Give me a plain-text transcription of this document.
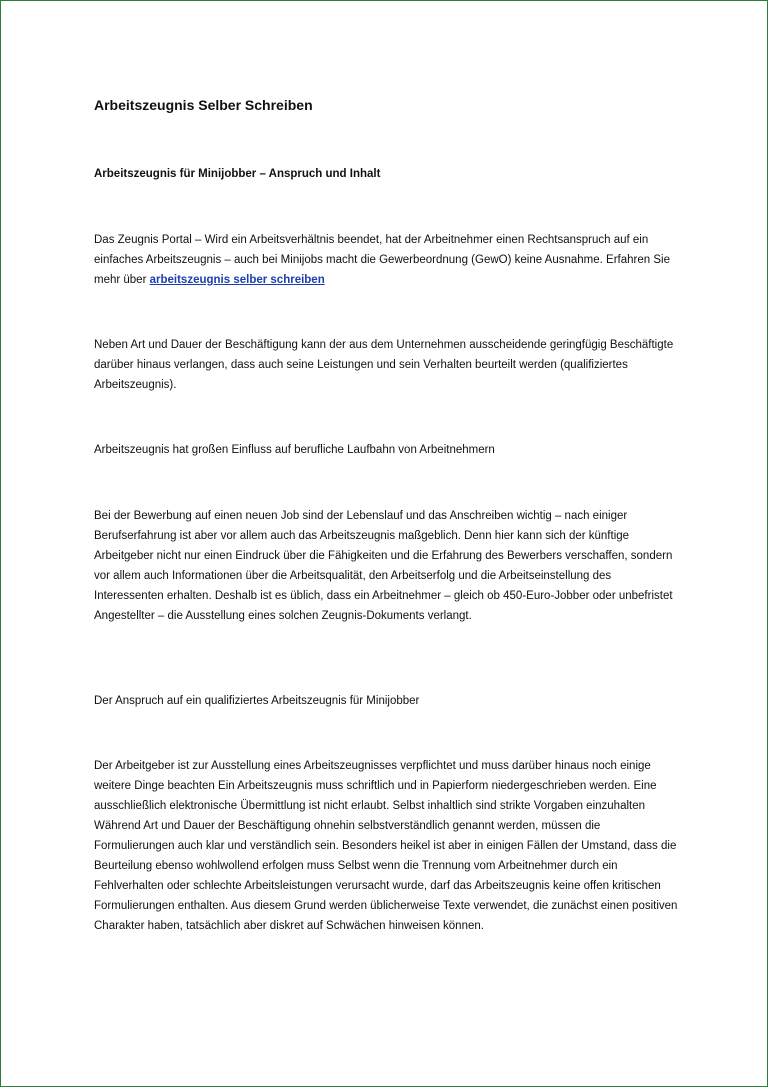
Arbeitszeugnis Selber Schreiben
Arbeitszeugnis für Minijobber – Anspruch und Inhalt

Das Zeugnis Portal – Wird ein Arbeitsverhältnis beendet, hat der Arbeitnehmer einen Rechtsanspruch auf ein einfaches Arbeitszeugnis – auch bei Minijobs macht die Gewerbeordnung (GewO) keine Ausnahme. Erfahren Sie mehr über arbeitszeugnis selber schreiben

Neben Art und Dauer der Beschäftigung kann der aus dem Unternehmen ausscheidende geringfügig Beschäftigte darüber hinaus verlangen, dass auch seine Leistungen und sein Verhalten beurteilt werden (qualifiziertes Arbeitszeugnis).

Arbeitszeugnis hat großen Einfluss auf berufliche Laufbahn von Arbeitnehmern

Bei der Bewerbung auf einen neuen Job sind der Lebenslauf und das Anschreiben wichtig – nach einiger Berufserfahrung ist aber vor allem auch das Arbeitszeugnis maßgeblich. Denn hier kann sich der künftige Arbeitgeber nicht nur einen Eindruck über die Fähigkeiten und die Erfahrung des Bewerbers verschaffen, sondern vor allem auch Informationen über die Arbeitsqualität, den Arbeitserfolg und die Arbeitseinstellung des Interessenten erhalten. Deshalb ist es üblich, dass ein Arbeitnehmer – gleich ob 450-Euro-Jobber oder unbefristet Angestellter – die Ausstellung eines solchen Zeugnis-Dokuments verlangt.

Der Anspruch auf ein qualifiziertes Arbeitszeugnis für Minijobber

Der Arbeitgeber ist zur Ausstellung eines Arbeitszeugnisses verpflichtet und muss darüber hinaus noch einige weitere Dinge beachten Ein Arbeitszeugnis muss schriftlich und in Papierform niedergeschrieben werden. Eine ausschließlich elektronische Übermittlung ist nicht erlaubt. Selbst inhaltlich sind strikte Vorgaben einzuhalten Während Art und Dauer der Beschäftigung ohnehin selbstverständlich genannt werden, müssen die Formulierungen auch klar und verständlich sein. Besonders heikel ist aber in einigen Fällen der Umstand, dass die Beurteilung ebenso wohlwollend erfolgen muss Selbst wenn die Trennung vom Arbeitnehmer durch ein Fehlverhalten oder schlechte Arbeitsleistungen verursacht wurde, darf das Arbeitszeugnis keine offen kritischen Formulierungen enthalten. Aus diesem Grund werden üblicherweise Texte verwendet, die zunächst einen positiven Charakter haben, tatsächlich aber diskret auf Schwächen hinweisen können.
